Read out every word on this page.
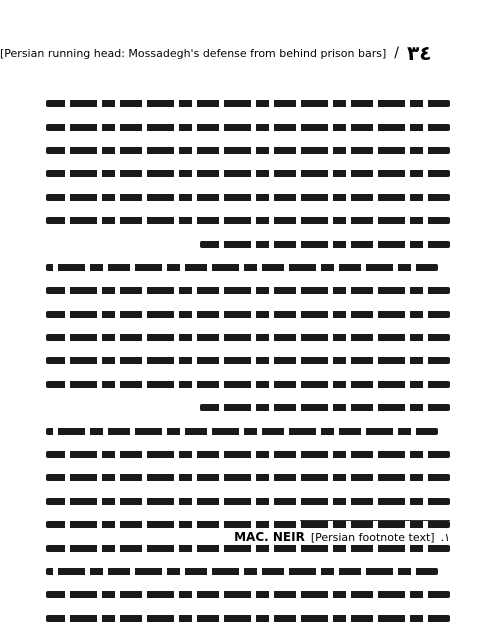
٣٤
/
[Persian running head: Mossadegh's defense from behind prison bars]
١.
[Persian footnote text]
MAC. NEIR
